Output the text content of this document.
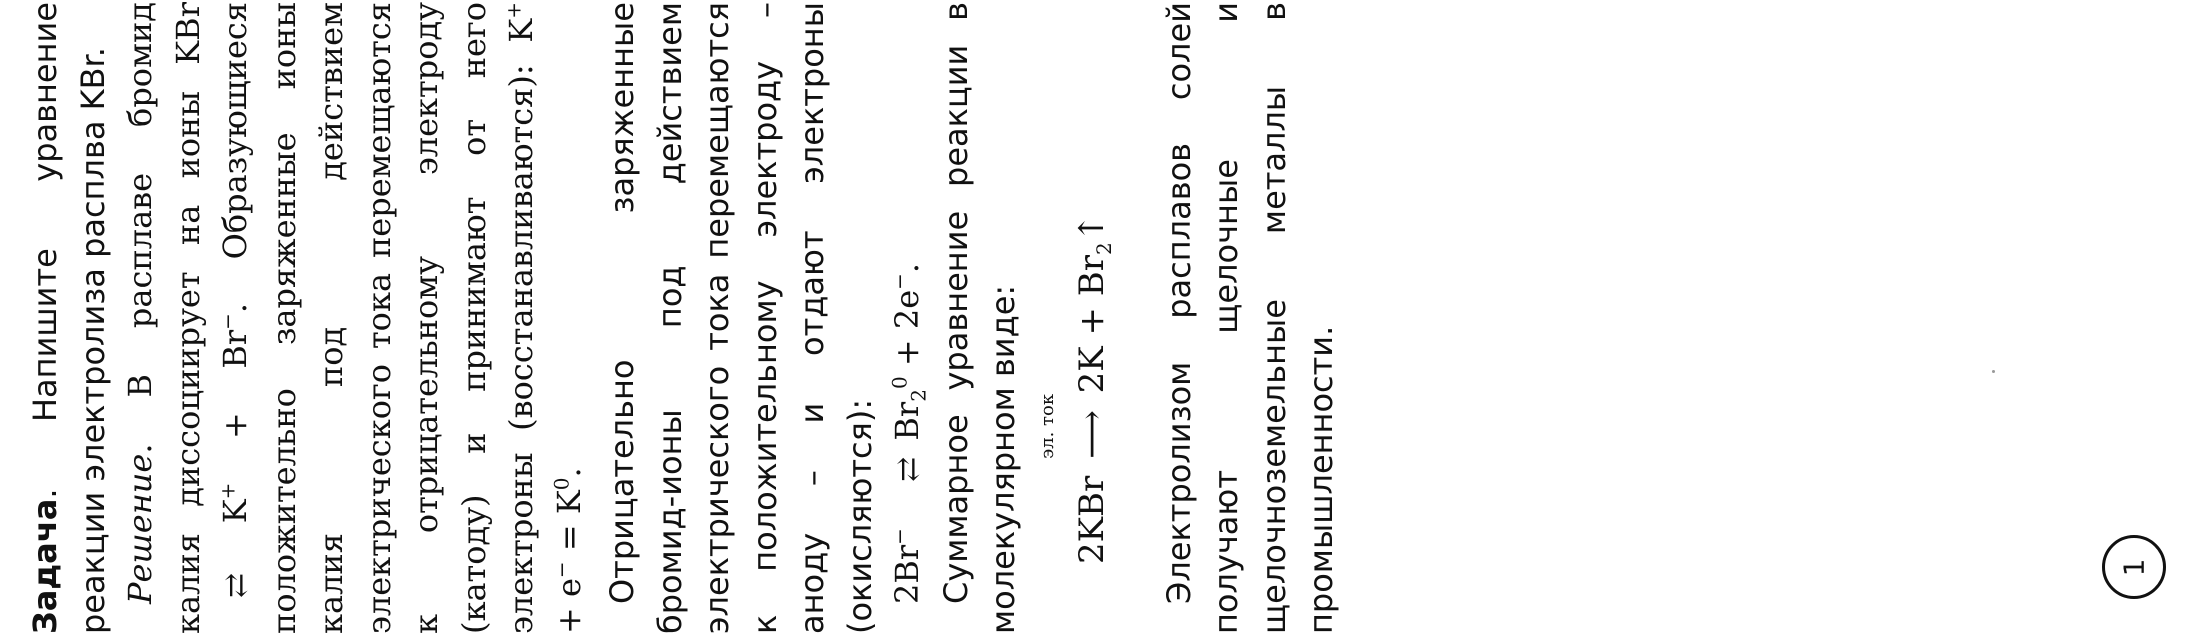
Задача. Напишите уравнение реакции электролиза расплва KBr. Решение. В расплаве бромид калия диссоциирует на ионы KBr ⇄ K+ + Br−. Образующиеся положительно заряженные ионы калия под действием электрического тока перемещаются к отрицательному электроду (катоду) и принимают от него электроны (восстанавливаются): $K^+ + e^- = K^0$. Отрицательно заряженные бромид-ионы под действием электрического тока перемещаются к положительному электроду – аноду – и отдают электроны (окисляются): 2Br− ⇄ $Br_2^0 + 2e^-$. Суммарное уравнение реакции в молекулярном виде: 2KBr
эл. ток ⟶ $2K + Br_2↑$ Электролизом расплавов солей получают щелочные и щелочноземельные металлы в промышленности.	1
